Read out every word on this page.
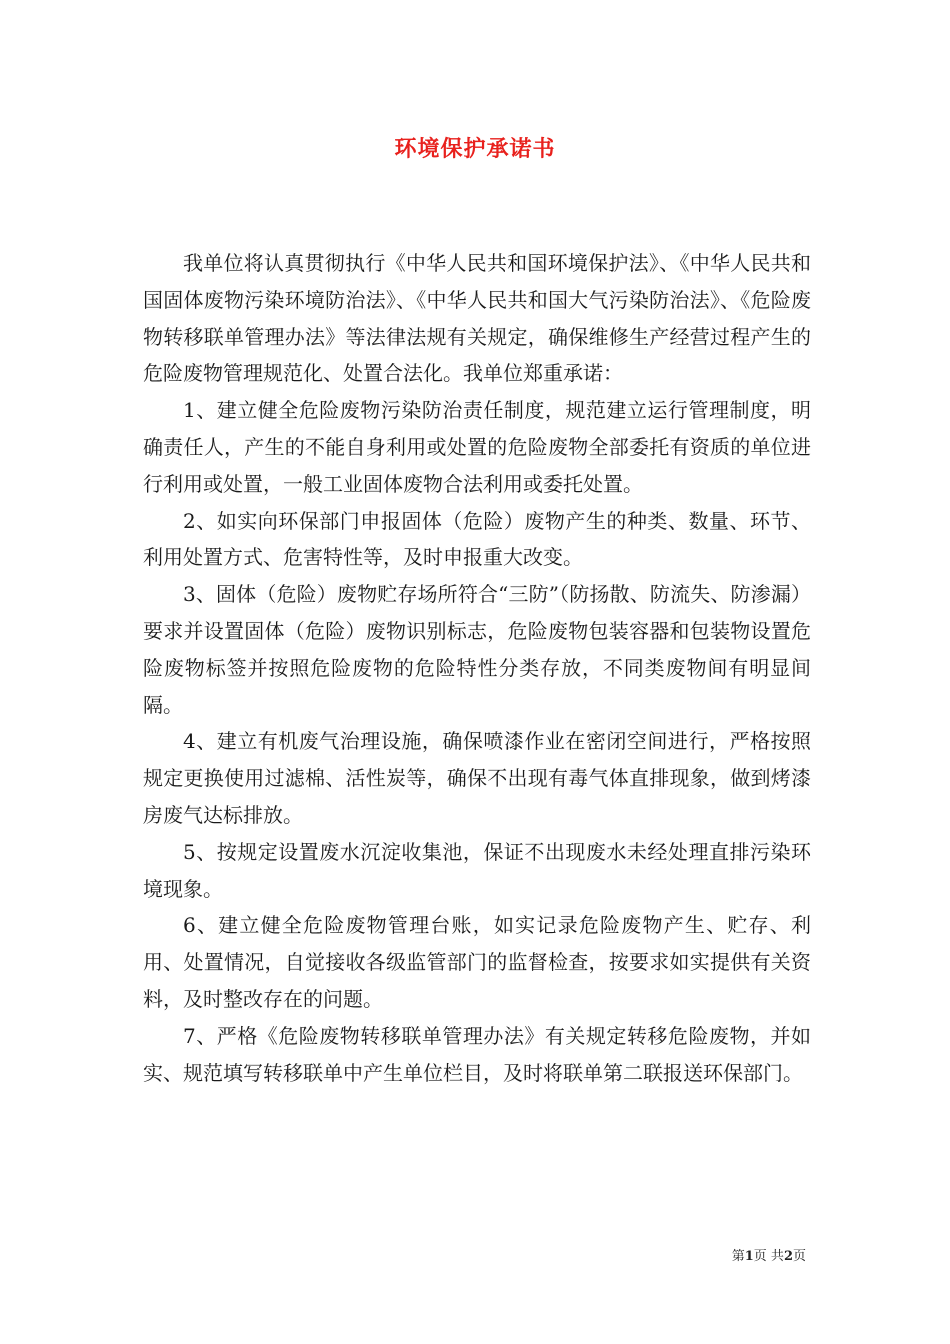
环境保护承诺书

我单位将认真贯彻执行《中华人民共和国环境保护法》、《中华人民共和国固体废物污染环境防治法》、《中华人民共和国大气污染防治法》、《危险废物转移联单管理办法》等法律法规有关规定，确保维修生产经营过程产生的危险废物管理规范化、处置合法化。我单位郑重承诺：

1、建立健全危险废物污染防治责任制度，规范建立运行管理制度，明确责任人，产生的不能自身利用或处置的危险废物全部委托有资质的单位进行利用或处置，一般工业固体废物合法利用或委托处置。

2、如实向环保部门申报固体（危险）废物产生的种类、数量、环节、利用处置方式、危害特性等，及时申报重大改变。

3、固体（危险）废物贮存场所符合“三防”（防扬散、防流失、防渗漏）要求并设置固体（危险）废物识别标志，危险废物包装容器和包装物设置危险废物标签并按照危险废物的危险特性分类存放，不同类废物间有明显间隔。

4、建立有机废气治理设施，确保喷漆作业在密闭空间进行，严格按照规定更换使用过滤棉、活性炭等，确保不出现有毒气体直排现象，做到烤漆房废气达标排放。

5、按规定设置废水沉淀收集池，保证不出现废水未经处理直排污染环境现象。

6、建立健全危险废物管理台账，如实记录危险废物产生、贮存、利用、处置情况，自觉接收各级监管部门的监督检查，按要求如实提供有关资料，及时整改存在的问题。

7、严格《危险废物转移联单管理办法》有关规定转移危险废物，并如实、规范填写转移联单中产生单位栏目，及时将联单第二联报送环保部门。

第1页 共2页
